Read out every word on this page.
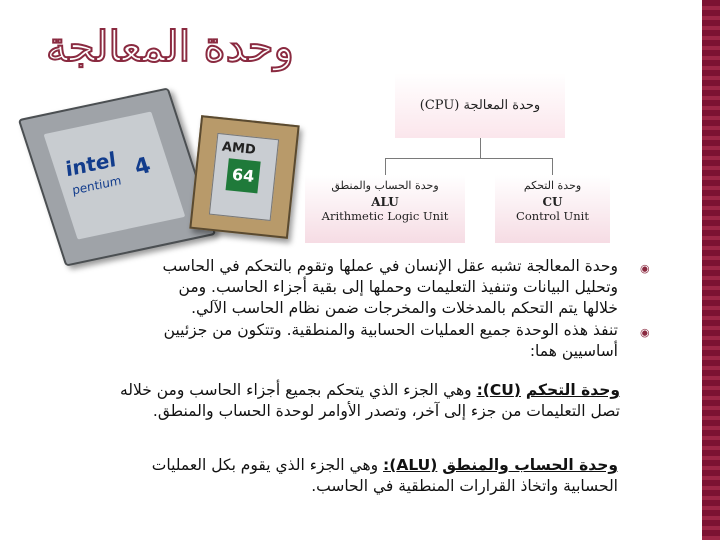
وحدة المعالجة
intel
pentium
4
AMD
64
وحدة المعالجة (CPU)
وحدة الحساب والمنطق
ALU
Arithmetic Logic Unit
وحدة التحكم
CU
Control Unit
◉
وحدة المعالجة تشبه عقل الإنسان في عملها وتقوم بالتحكم في الحاسب
وتحليل البيانات وتنفيذ التعليمات وحملها إلى بقية أجزاء الحاسب. ومن
خلالها يتم التحكم بالمدخلات والمخرجات ضمن نظام الحاسب الآلي.
◉
تنفذ هذه الوحدة جميع العمليات الحسابية والمنطقية. وتتكون من جزئيين
أساسيين هما:
وحدة التحكم (CU): وهي الجزء الذي يتحكم بجميع أجزاء الحاسب ومن خلاله
تصل التعليمات من جزء إلى آخر، وتصدر الأوامر لوحدة الحساب والمنطق.
وحدة الحساب والمنطق (ALU): وهي الجزء الذي يقوم بكل العمليات
الحسابية واتخاذ القرارات المنطقية في الحاسب.
